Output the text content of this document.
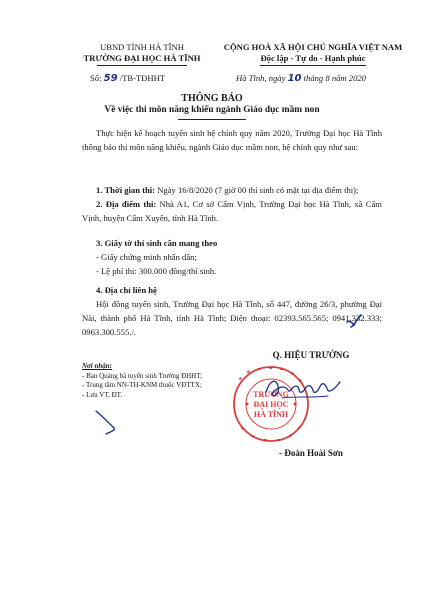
UBND TỈNH HÀ TĨNH
TRƯỜNG ĐẠI HỌC HÀ TĨNH
CỘNG HOÀ XÃ HỘI CHỦ NGHĨA VIỆT NAM
Độc lập - Tự do - Hạnh phúc
Số: 59 /TB-TĐHHT	Hà Tĩnh, ngày 10 tháng 8 năm 2020
THÔNG BÁO
Về việc thi môn năng khiếu ngành Giáo dục mầm non
Thực hiện kế hoạch tuyển sinh hệ chính quy năm 2020, Trường Đại học Hà Tĩnh thông báo thi môn năng khiếu, ngành Giáo dục mầm non, hệ chính quy như sau:
1. Thời gian thi: Ngày 16/8/2020 (7 giờ 00 thí sinh có mặt tại địa điểm thi);
2. Địa điểm thi: Nhà A1, Cơ sở Cẩm Vịnh, Trường Đại học Hà Tĩnh, xã Cẩm Vịnh, huyện Cẩm Xuyên, tỉnh Hà Tĩnh.
3. Giấy tờ thí sinh cần mang theo
- Giấy chứng minh nhân dân;
- Lệ phí thi: 300.000 đồng/thí sinh.
4. Địa chỉ liên hệ
Hội đồng tuyển sinh, Trường Đại học Hà Tĩnh, số 447, đường 26/3, phường Đại Nài, thành phố Hà Tĩnh, tỉnh Hà Tĩnh; Điện thoại: 02393.565.565; 0941.332.333; 0963.300.555./.
Nơi nhận:
- Ban Quảng bá tuyển sinh Trường ĐHHT;
- Trung tâm NN-TH-KNM thuộc VĐTTX;
- Lưu VT, ĐT.
Q. HIỆU TRƯỞNG
TRƯỜNG
ĐẠI HỌC
HÀ TĨNH
- Đoàn Hoài Sơn
